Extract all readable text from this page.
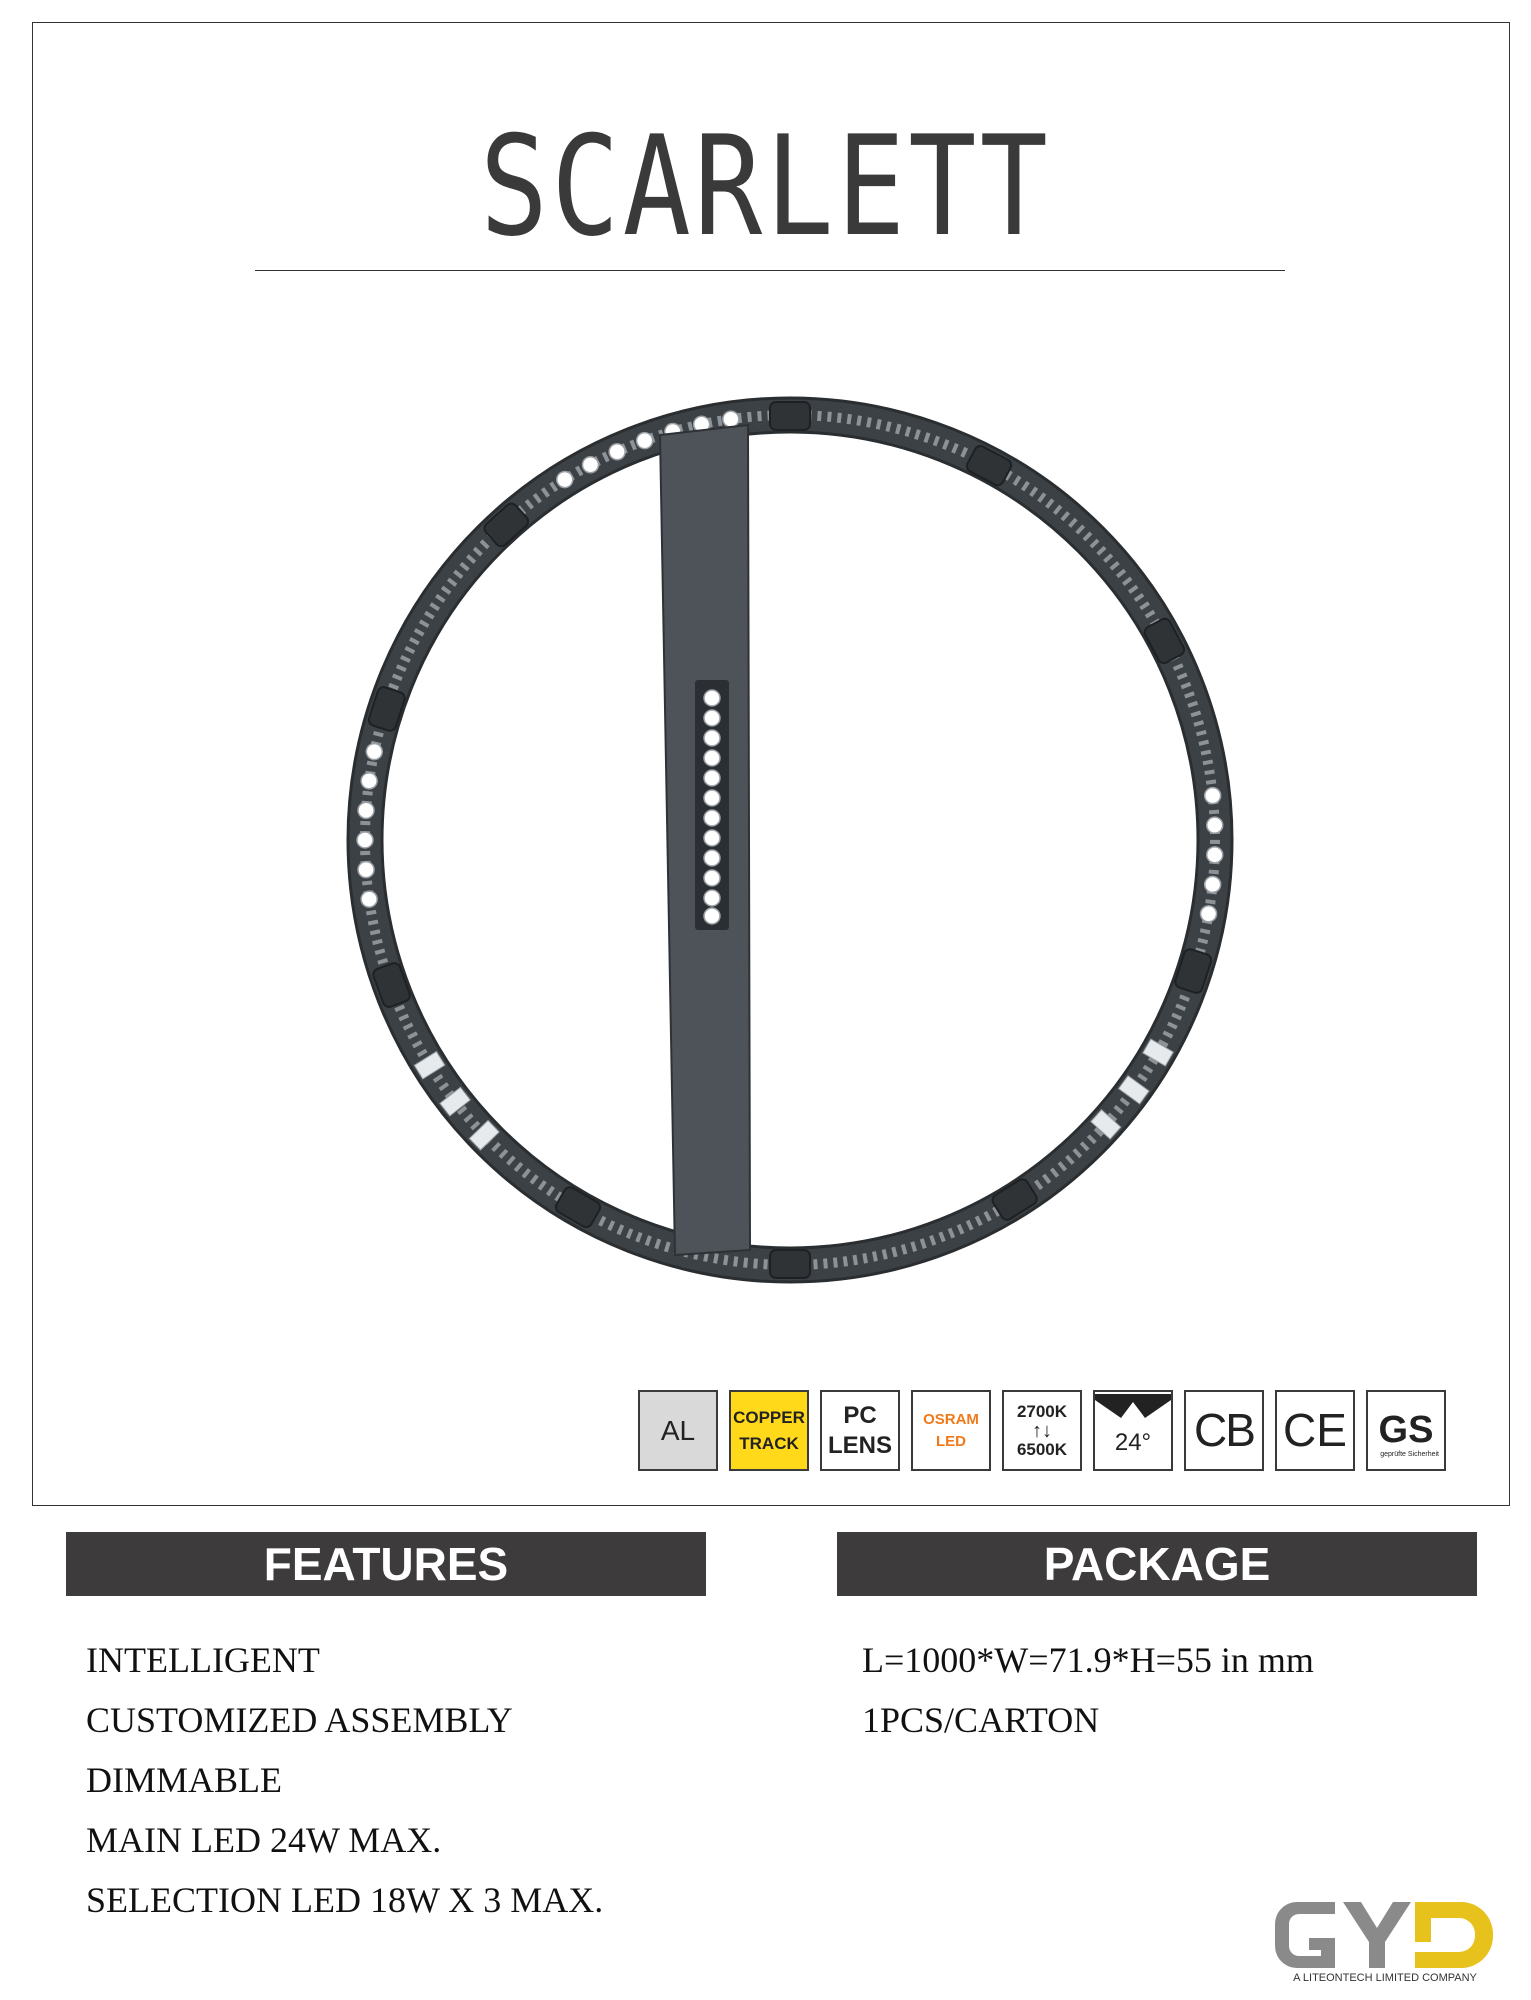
SCARLETT
AL COPPER
TRACK
PC
LENS
OSRAM
LED
2700K
↑↓
6500K 24° CB CE GS
geprüfte Sicherheit
FEATURES	PACKAGE
INTELLIGENT
CUSTOMIZED ASSEMBLY
DIMMABLE
MAIN LED 24W MAX.
SELECTION LED 18W X 3 MAX.
L=1000*W=71.9*H=55 in mm
1PCS/CARTON
A LITEONTECH LIMITED COMPANY
